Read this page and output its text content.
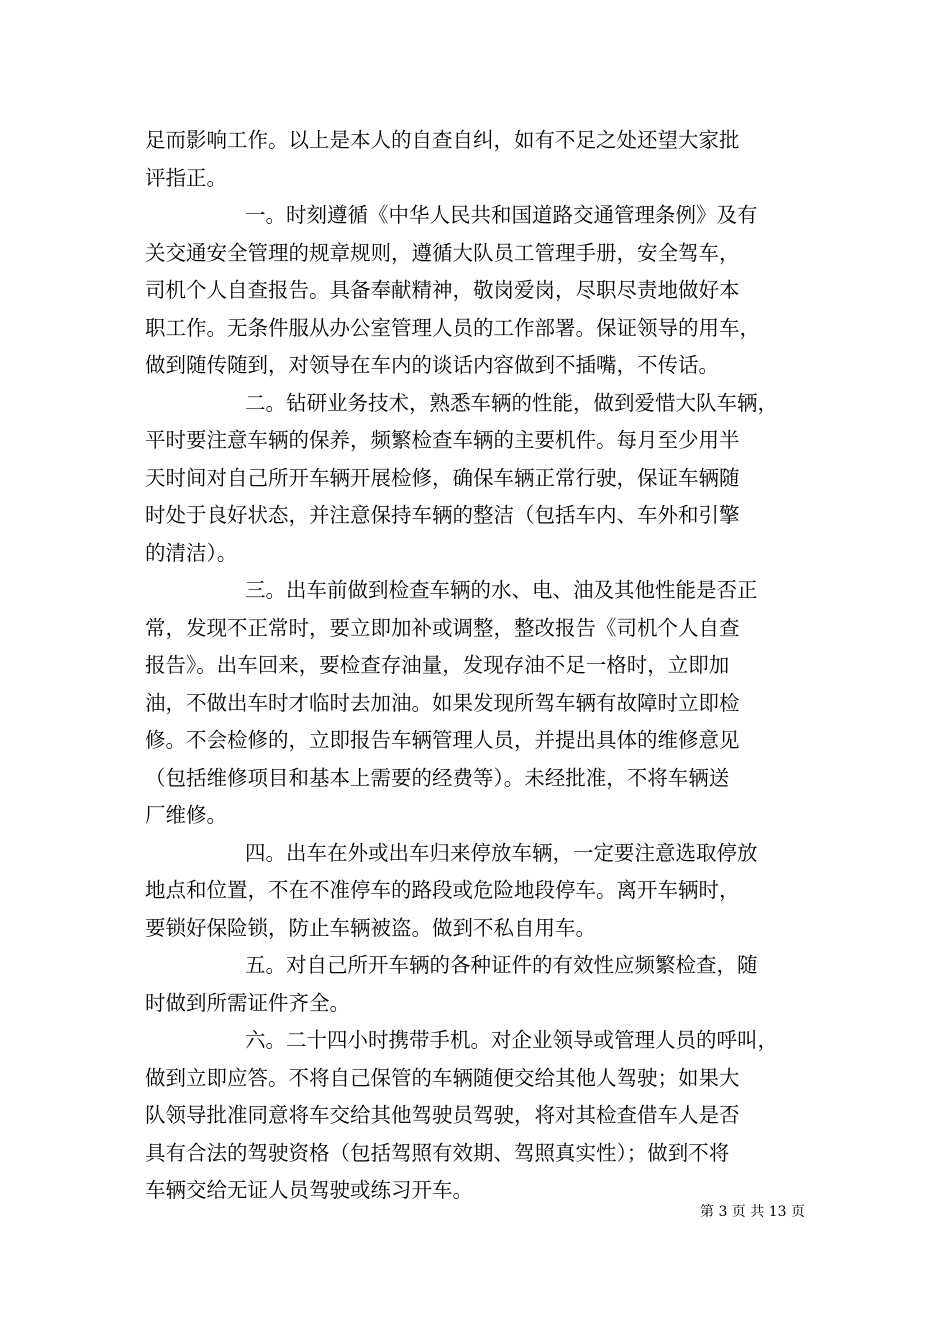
足而影响工作。以上是本人的自查自纠，如有不足之处还望大家批
评指正。
一。时刻遵循《中华人民共和国道路交通管理条例》及有
关交通安全管理的规章规则，遵循大队员工管理手册，安全驾车，
司机个人自查报告。具备奉献精神，敬岗爱岗，尽职尽责地做好本
职工作。无条件服从办公室管理人员的工作部署。保证领导的用车，
做到随传随到，对领导在车内的谈话内容做到不插嘴，不传话。
二。钻研业务技术，熟悉车辆的性能，做到爱惜大队车辆，
平时要注意车辆的保养，频繁检查车辆的主要机件。每月至少用半
天时间对自己所开车辆开展检修，确保车辆正常行驶，保证车辆随
时处于良好状态，并注意保持车辆的整洁（包括车内、车外和引擎
的清洁）。
三。出车前做到检查车辆的水、电、油及其他性能是否正
常，发现不正常时，要立即加补或调整，整改报告《司机个人自查
报告》。出车回来，要检查存油量，发现存油不足一格时，立即加
油，不做出车时才临时去加油。如果发现所驾车辆有故障时立即检
修。不会检修的，立即报告车辆管理人员，并提出具体的维修意见
（包括维修项目和基本上需要的经费等）。未经批准，不将车辆送
厂维修。
四。出车在外或出车归来停放车辆，一定要注意选取停放
地点和位置，不在不准停车的路段或危险地段停车。离开车辆时，
要锁好保险锁，防止车辆被盗。做到不私自用车。
五。对自己所开车辆的各种证件的有效性应频繁检查，随
时做到所需证件齐全。
六。二十四小时携带手机。对企业领导或管理人员的呼叫，
做到立即应答。不将自己保管的车辆随便交给其他人驾驶；如果大
队领导批准同意将车交给其他驾驶员驾驶，将对其检查借车人是否
具有合法的驾驶资格（包括驾照有效期、驾照真实性）；做到不将
车辆交给无证人员驾驶或练习开车。
第 3 页 共 13 页
